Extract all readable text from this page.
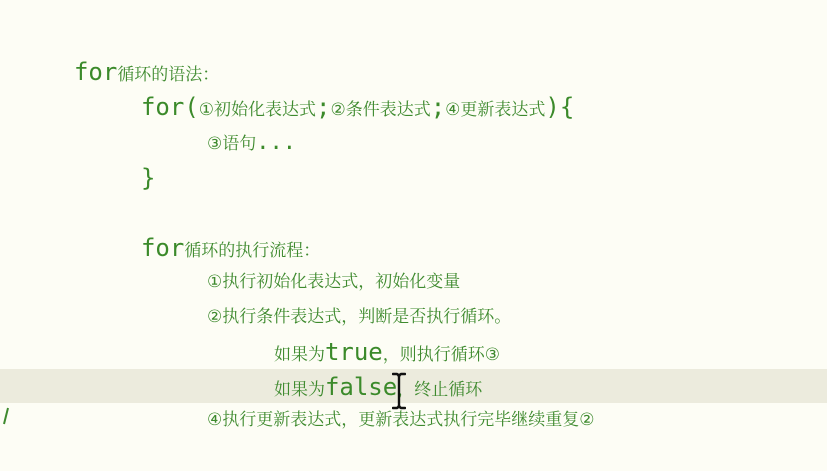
for循环的语法：

for(①初始化表达式;②条件表达式;④更新表达式){

③语句...

}

for循环的执行流程：

①执行初始化表达式，初始化变量

②执行条件表达式，判断是否执行循环。

如果为true，则执行循环③

如果为false，终止循环

④执行更新表达式，更新表达式执行完毕继续重复②
